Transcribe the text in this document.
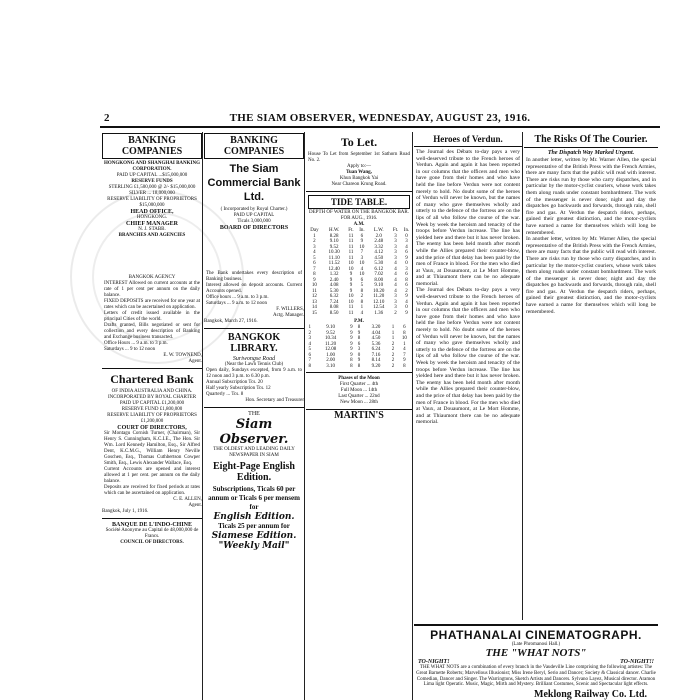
2	THE SIAM OBSERVER, WEDNESDAY, AUGUST 23, 1916.
BANKING COMPANIES
HONGKONG AND SHANGHAI BANKING CORPORATION.
PAID UP CAPITAL ...$15,000,000
RESERVE FUNDS
STERLING £1,500,000 @ 2/- $15,000,000
SILVER ... 18,000,000
RESERVE LIABILITY OF PROPRIETORS $15,000,000
HEAD OFFICE,
HONGKONG.
CHIEF MANAGER
N. J. STABB.
BRANCHES AND AGENCIES
BANGKOK AGENCY
INTEREST Allowed on current accounts at the rate of 1 per cent per annum on the daily balance.
FIXED DEPOSITS are received for one year at rates which can be ascertained on application.
Letters of credit issued available in the principal Cities of the world.
Drafts granted, Bills negotiated or sent for collection and every description of Banking and Exchange business transacted.
Office Hours ... 9 a.m. to 3 p.m.
Saturdays ... 9 to 12 noon
E. W. TOWNEND,
Agent.
Chartered Bank
OF INDIA AUSTRALIA AND CHINA.
INCORPORATED BY ROYAL CHARTER
PAID UP CAPITAL £1,200,000
RESERVE FUND £1,800,000
RESERVE LIABILITY OF PROPRIETORS £1,200,000
COURT OF DIRECTORS,
Sir Montagu Cornish Turner, (Chairman), Sir Henry S. Cunningham, K.C.I.E., The Hon. Sir Wm. Lord Kennedy Hamilton, Esq., Sir Alfred Dent, K.C.M.G., William Henry Neville Goschen, Esq., Thomas Cuthbertson Cowper Smith, Esq., Lewis Alexander Wallace, Esq.
Current Accounts are opened and interest allowed at 1 per cent. per annum on the daily balance.
Deposits are received for fixed periods at rates which can be ascertained on application.
C. E. ALLEN,
Agent.
Bangkok, July 1, 1916.
BANQUE DE L'INDO-CHINE
Société Anonyme au Capital de 48,000,000 de Francs.
COUNCIL OF DIRECTORS.
BANKING COMPANIES
The Siam Commercial Bank Ltd.
( Incorporated by Royal Charter.)
PAID UP CAPITAL
Ticals 3,000,000
BOARD OF DIRECTORS
The Bank undertakes every description of Banking business.
Interest allowed on deposit accounts. Current Accounts opened.
Office hours ... 9 a.m. to 3 p.m.
Saturdays ... 9 a.m. to 12 noon
F. WILLERS,
Actg. Manager.
Bangkok, March 27, 1916.
BANGKOK LIBRARY.
Suriwongse Road
(Near the Lawn Tennis Club)
Open daily, Sundays excepted, from 9 a.m. to 12 noon and 3 p.m. to 6.30 p.m.
Annual Subscription Tcs. 20
Half yearly Subscription Tcs. 12
Quarterly ... Tcs. 8
Hon. Secretary and Treasurer
THE
Siam Observer.
THE OLDEST AND LEADING DAILY NEWSPAPER IN SIAM
Eight-Page English Edition.
Subscriptions, Ticals 60 per annum or Ticals 6 per mensem for
English Edition.
Ticals 25 per annum for
Siamese Edition.
"Weekly Mail"
To Let.
House To Let from September 1st Sathorn Road No. 2.
Apply to:—
Tuan Wang,
Khun Bangkok Yai
Near Chareon Krung Road.
TIDE TABLE.
DEPTH OF WATER ON THE BANGKOK BAR.
FOR AUG., 1916.
A.M.
Day	H.W.	Ft.	In.	L.W.	Ft.	In.
1	8.28	11	6	2.0	3	0
2	9.10	11	9	2.48	3	3
3	9.52	11	10	3.32	3	4
4	10.30	11	7	4.12	3	6
5	11.10	11	3	4.50	3	9
6	11.52	10	10	5.30	4	0
7	12.40	10	4	6.12	4	3
8	1.32	9	10	7.02	4	6
9	2.40	9	6	8.00	4	8
10	4.08	9	5	9.10	4	6
11	5.30	9	8	10.20	4	2
12	6.32	10	2	11.20	3	9
13	7.24	10	8	12.10	3	4
14	8.08	11	1	12.54	3	0
15	8.50	11	4	1.36	2	9
P.M.
1	9.10	9	8	3.20	1	6
2	9.52	9	9	4.04	1	8
3	10.34	9	8	4.50	1	10
4	11.20	9	6	5.36	2	1
5	12.08	9	3	6.24	2	4
6	1.00	9	0	7.16	2	7
7	2.00	8	9	8.14	2	9
8	3.10	8	8	9.20	2	8
Phases of the Moon
First Quarter ... 4th
Full Moon ... 14th
Last Quarter ... 22nd
New Moon ... 28th
MARTIN'S
Heroes of Verdun.
The Journal des Débats to-day pays a very well-deserved tribute to the French heroes of Verdun. Again and again it has been reported in our columns that the officers and men who have gone from their homes and who have held the line before Verdun were not content merely to hold. No doubt some of the heroes of Verdun will never be known, but the names of many who gave themselves wholly and utterly to the defence of the fortress are on the lips of all who follow the course of the war. Week by week the heroism and tenacity of the troops before Verdun increase. The line has yielded here and there but it has never broken. The enemy has been held month after month while the Allies prepared their counter-blow, and the price of that delay has been paid by the men of France in blood. For the men who died at Vaux, at Douaumont, at Le Mort Homme, and at Thiaumont there can be no adequate memorial.
The Journal des Débats to-day pays a very well-deserved tribute to the French heroes of Verdun. Again and again it has been reported in our columns that the officers and men who have gone from their homes and who have held the line before Verdun were not content merely to hold. No doubt some of the heroes of Verdun will never be known, but the names of many who gave themselves wholly and utterly to the defence of the fortress are on the lips of all who follow the course of the war. Week by week the heroism and tenacity of the troops before Verdun increase. The line has yielded here and there but it has never broken. The enemy has been held month after month while the Allies prepared their counter-blow, and the price of that delay has been paid by the men of France in blood. For the men who died at Vaux, at Douaumont, at Le Mort Homme, and at Thiaumont there can be no adequate memorial.
The Risks Of The Courier.
The Dispatch Way Marked Urgent.
In another letter, written by Mr. Warner Allen, the special representative of the British Press with the French Armies, there are many facts that the public will read with interest. There are risks run by those who carry dispatches, and in particular by the motor-cyclist couriers, whose work takes them along roads under constant bombardment. The work of the messenger is never done; night and day the dispatches go backwards and forwards, through rain, shell fire and gas. At Verdun the despatch riders, perhaps, gained their greatest distinction, and the motor-cyclists have earned a name for themselves which will long be remembered.
In another letter, written by Mr. Warner Allen, the special representative of the British Press with the French Armies, there are many facts that the public will read with interest. There are risks run by those who carry dispatches, and in particular by the motor-cyclist couriers, whose work takes them along roads under constant bombardment. The work of the messenger is never done; night and day the dispatches go backwards and forwards, through rain, shell fire and gas. At Verdun the despatch riders, perhaps, gained their greatest distinction, and the motor-cyclists have earned a name for themselves which will long be remembered.
PHATHANALAI CINEMATOGRAPH.
(Late Phromanosi Hall.)
THE "WHAT NOTS"
TO-NIGHT!	TO-NIGHT!!
THE WHAT NOTS are a combination of every branch in the Vaudeville Line comprising the following artistes: The Great Barnette Roberts; Marvellous Illusionist; Miss Irene Beryl, Serio and Dancer; Society & Classical dancer. Charlie Comedian, Dancer and Singer. The Warringtons, Sketch Artists and Dancers. Sylvano Layez, Musical director. Aramon Lima light Operatic. Music, Magic, Mirth and Mystery. Brilliant Costumes, Scenic and Spectacular light effects.
Meklong Railway Co. Ltd.
